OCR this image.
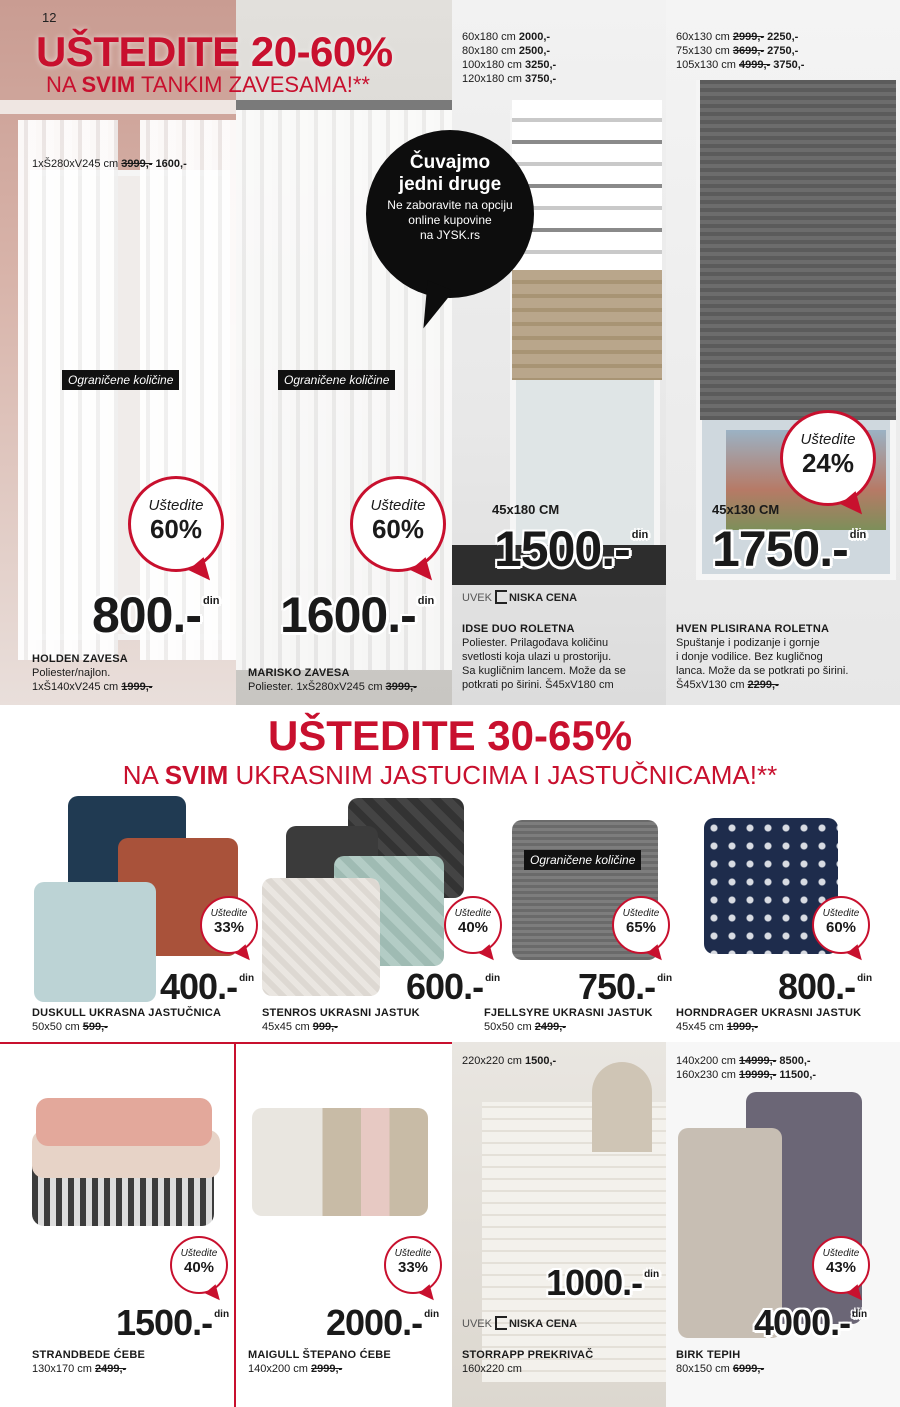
12
UŠTEDITE 20-60%
NA SVIM TANKIM ZAVESAMA!**
1xŠ280xV245 cm 3999,- 1600,-
Ograničene količine	Ograničene količine
Čuvajmo
jedni druge
Ne zaboravite na opciju
online kupovine
na JYSK.rs
60x180 cm 2000,-
80x180 cm 2500,-
100x180 cm 3250,-
120x180 cm 3750,-
60x130 cm 2999,- 2250,-
75x130 cm 3699,- 2750,-
105x130 cm 4999,- 3750,-
Uštedite
60%
Uštedite
60%
Uštedite
24%
45x180 CM	45x130 CM
800.- $^{din}$ 1600.- $^{din}$
1500.- $^{din}$ 1750.- $^{din}$
UVEK NISKA CENA
HOLDEN ZAVESA
Poliester/najlon.
1xŠ140xV245 cm 1999,-
MARISKO ZAVESA
Poliester. 1xŠ280xV245 cm 3999,-
IDSE DUO ROLETNA
Poliester. Prilagođava količinu
svetlosti koja ulazi u prostoriju.
Sa kugličnim lancem. Može da se
potkrati po širini. Š45xV180 cm
HVEN PLISIRANA ROLETNA
Spuštanje i podizanje i gornje
i donje vodilice. Bez kugličnog
lanca. Može da se potkrati po širini.
Š45xV130 cm 2299,-
UŠTEDITE 30-65%
NA SVIM UKRASNIM JASTUCIMA I JASTUČNICAMA!**
Ograničene količine
Uštedite
33%
Uštedite
40%
Uštedite
65%
Uštedite
60%
400.- $^{din}$	600.- $^{din}$ 750.- $^{din}$	800.- $^{din}$
DUSKULL UKRASNA JASTUČNICA
50x50 cm 599,-
STENROS UKRASNI JASTUK
45x45 cm 999,-
FJELLSYRE UKRASNI JASTUK
50x50 cm 2499,-
HORNDRAGER UKRASNI JASTUK
45x45 cm 1999,-
220x220 cm 1500,-	140x200 cm 14999,- 8500,-
160x230 cm 19999,- 11500,-
Uštedite
40%
Uštedite
33%
Uštedite
43%
1500.- $^{din}$	2000.- $^{din}$
1000.- $^{din}$
4000.- $^{din}$
UVEK NISKA CENA
STRANDBEDE ĆEBE
130x170 cm 2499,-
MAIGULL ŠTEPANO ĆEBE
140x200 cm 2999,-
STORRAPP PREKRIVAČ
160x220 cm
BIRK TEPIH
80x150 cm 6999,-
